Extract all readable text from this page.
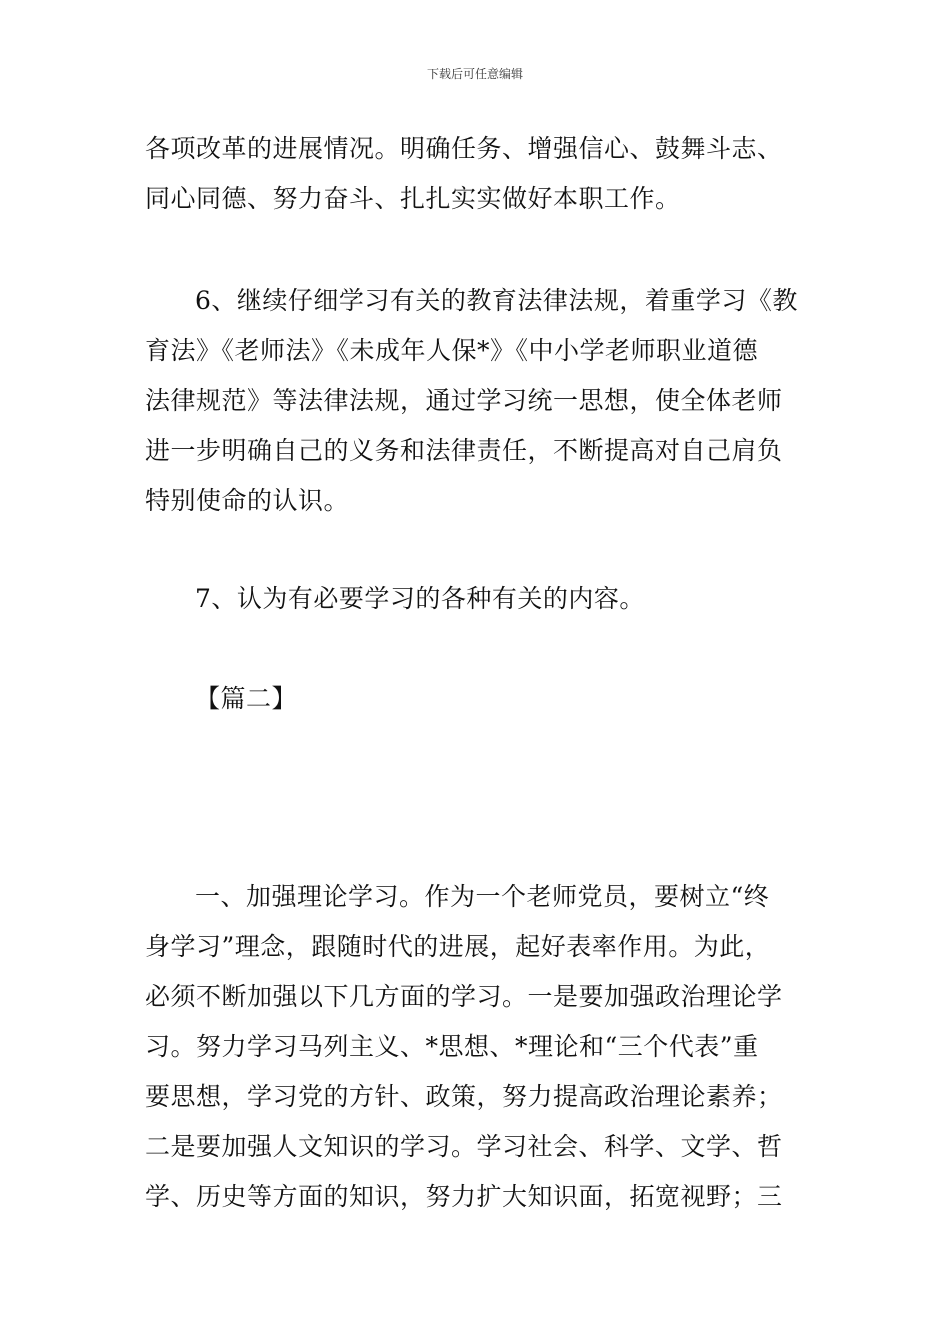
下载后可任意编辑
各项改革的进展情况。明确任务、增强信心、鼓舞斗志、
同心同德、努力奋斗、扎扎实实做好本职工作。
6、继续仔细学习有关的教育法律法规，着重学习《教
育法》《老师法》《未成年人保*》《中小学老师职业道德
法律规范》等法律法规，通过学习统一思想，使全体老师
进一步明确自己的义务和法律责任，不断提高对自己肩负
特别使命的认识。
7、认为有必要学习的各种有关的内容。
【篇二】
一、加强理论学习。作为一个老师党员，要树立“终
身学习”理念，跟随时代的进展，起好表率作用。为此，
必须不断加强以下几方面的学习。一是要加强政治理论学
习。努力学习马列主义、*思想、*理论和“三个代表”重
要思想，学习党的方针、政策，努力提高政治理论素养；
二是要加强人文知识的学习。学习社会、科学、文学、哲
学、历史等方面的知识，努力扩大知识面，拓宽视野；三
